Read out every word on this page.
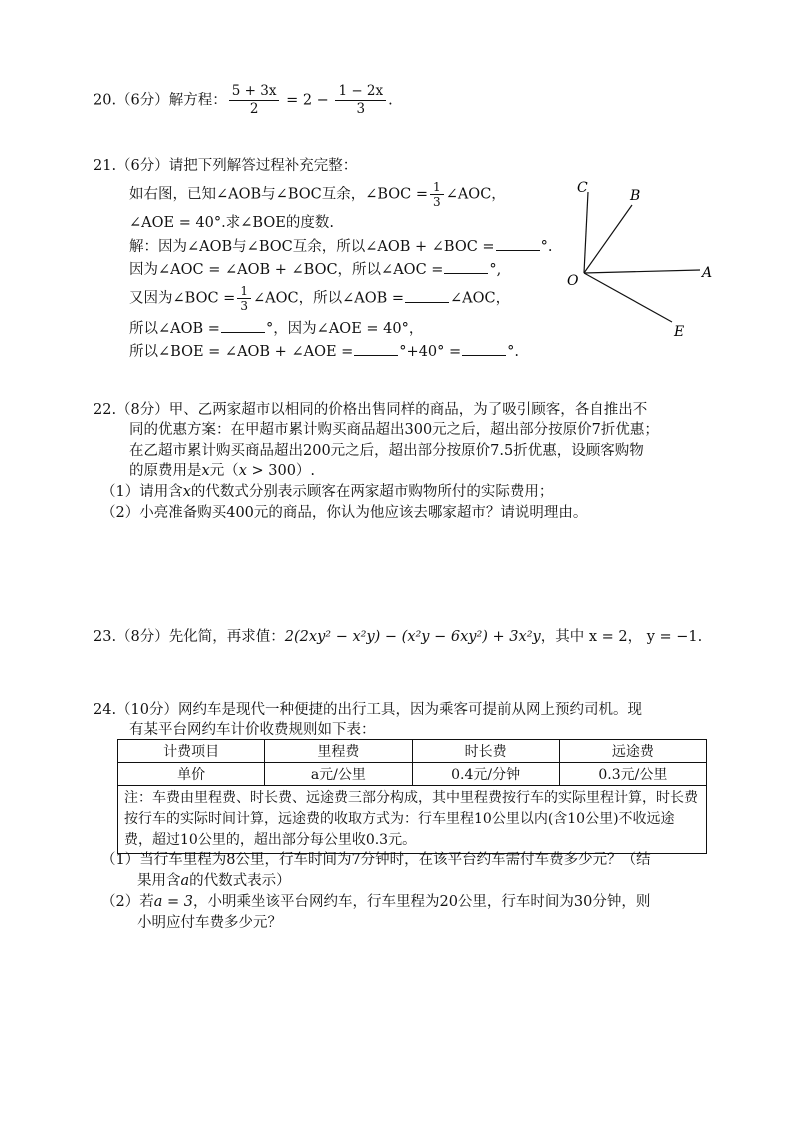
20.（6分）解方程： $\frac{5 + 3x}{2} = 2 - \frac{1 - 2x}{3}$ .
21.（6分）请把下列解答过程补充完整：
如右图，已知∠AOB与∠BOC互余，∠BOC = $\frac{1}{3}$ ∠AOC，
∠AOE = 40°.求∠BOE的度数.
解：因为∠AOB与∠BOC互余，所以∠AOB + ∠BOC =	°.
因为∠AOC = ∠AOB + ∠BOC，所以∠AOC =	°,
又因为∠BOC = $\frac{1}{3}$ ∠AOC，所以∠AOB =	∠AOC，
所以∠AOB =	°，因为∠AOE = 40°，
所以∠BOE = ∠AOB + ∠AOE =	°+40° =	°.
C	B
O	A
E
22.（8分）甲、乙两家超市以相同的价格出售同样的商品，为了吸引顾客，各自推出不
同的优惠方案：在甲超市累计购买商品超出300元之后，超出部分按原价7折优惠；
在乙超市累计购买商品超出200元之后，超出部分按原价7.5折优惠，设顾客购物
的原费用是x元（x > 300）.
（1）请用含x的代数式分别表示顾客在两家超市购物所付的实际费用；
（2）小亮准备购买400元的商品，你认为他应该去哪家超市？请说明理由。
23.（8分）先化简，再求值：2(2xy² − x²y) − (x²y − 6xy²) + 3x²y，其中 x = 2， y = −1.
24.（10分）网约车是现代一种便捷的出行工具，因为乘客可提前从网上预约司机。现
有某平台网约车计价收费规则如下表：
计费项目	里程费	时长费	远途费
单价	a元/公里	0.4元/分钟	0.3元/公里
注：车费由里程费、时长费、远途费三部分构成，其中里程费按行车的实际里程计算，时长费按行车的实际时间计算，远途费的收取方式为：行车里程10公里以内(含10公里)不收远途费，超过10公里的，超出部分每公里收0.3元。			
（1）当行车里程为8公里，行车时间为7分钟时，在该平台约车需付车费多少元？（结
果用含a的代数式表示）
（2）若a = 3，小明乘坐该平台网约车，行车里程为20公里，行车时间为30分钟，则
小明应付车费多少元？
